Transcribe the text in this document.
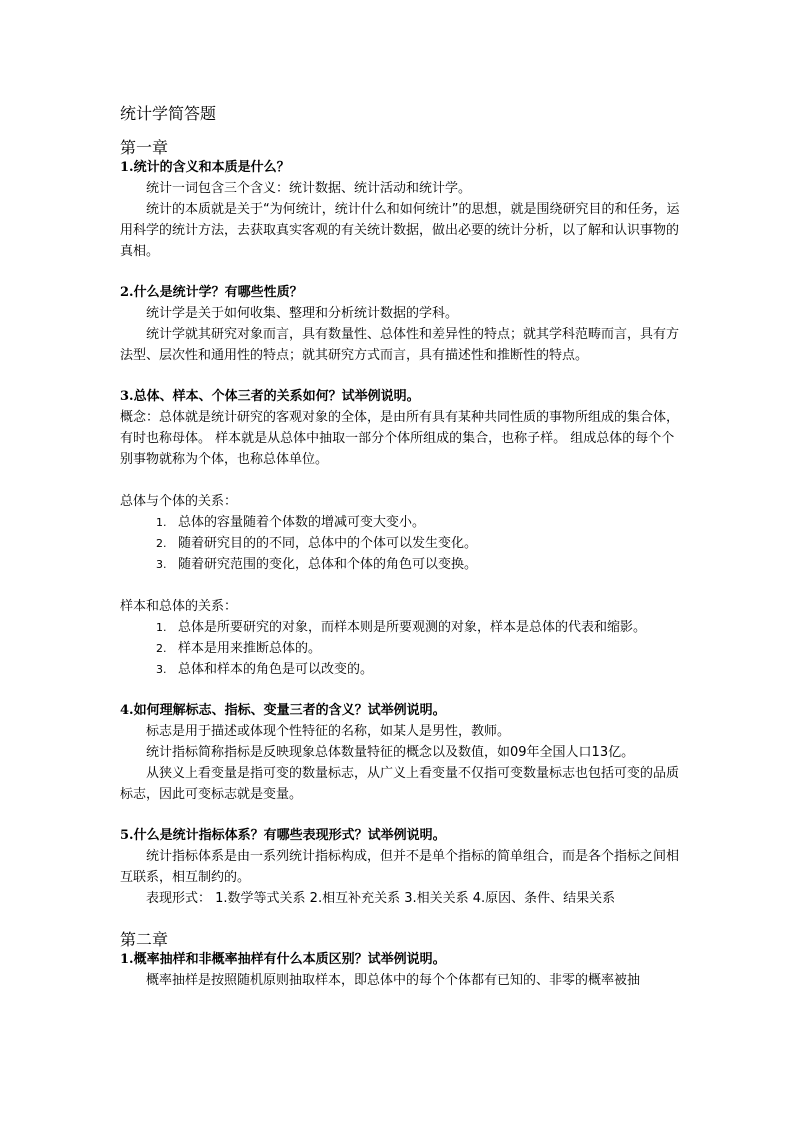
统计学简答题
第一章
1.统计的含义和本质是什么？

统计一词包含三个含义：统计数据、统计活动和统计学。

统计的本质就是关于“为何统计，统计什么和如何统计”的思想，就是围绕研究目的和任务，运用科学的统计方法，去获取真实客观的有关统计数据，做出必要的统计分析，以了解和认识事物的真相。

2.什么是统计学？有哪些性质？

统计学是关于如何收集、整理和分析统计数据的学科。

统计学就其研究对象而言，具有数量性、总体性和差异性的特点；就其学科范畴而言，具有方法型、层次性和通用性的特点；就其研究方式而言，具有描述性和推断性的特点。

3.总体、样本、个体三者的关系如何？试举例说明。

概念：总体就是统计研究的客观对象的全体，是由所有具有某种共同性质的事物所组成的集合体，有时也称母体。 样本就是从总体中抽取一部分个体所组成的集合，也称子样。 组成总体的每个个别事物就称为个体，也称总体单位。

总体与个体的关系：

1. 总体的容量随着个体数的增减可变大变小。
2. 随着研究目的的不同，总体中的个体可以发生变化。
3. 随着研究范围的变化，总体和个体的角色可以变换。

样本和总体的关系：

1. 总体是所要研究的对象，而样本则是所要观测的对象，样本是总体的代表和缩影。
2. 样本是用来推断总体的。
3. 总体和样本的角色是可以改变的。
4.如何理解标志、指标、变量三者的含义？试举例说明。

标志是用于描述或体现个性特征的名称，如某人是男性，教师。

统计指标简称指标是反映现象总体数量特征的概念以及数值，如09年全国人口13亿。

从狭义上看变量是指可变的数量标志，从广义上看变量不仅指可变数量标志也包括可变的品质标志，因此可变标志就是变量。

5.什么是统计指标体系？有哪些表现形式？试举例说明。

统计指标体系是由一系列统计指标构成，但并不是单个指标的简单组合，而是各个指标之间相互联系，相互制约的。

表现形式： 1.数学等式关系 2.相互补充关系 3.相关关系 4.原因、条件、结果关系

第二章
1.概率抽样和非概率抽样有什么本质区别？试举例说明。

概率抽样是按照随机原则抽取样本，即总体中的每个个体都有已知的、非零的概率被抽
